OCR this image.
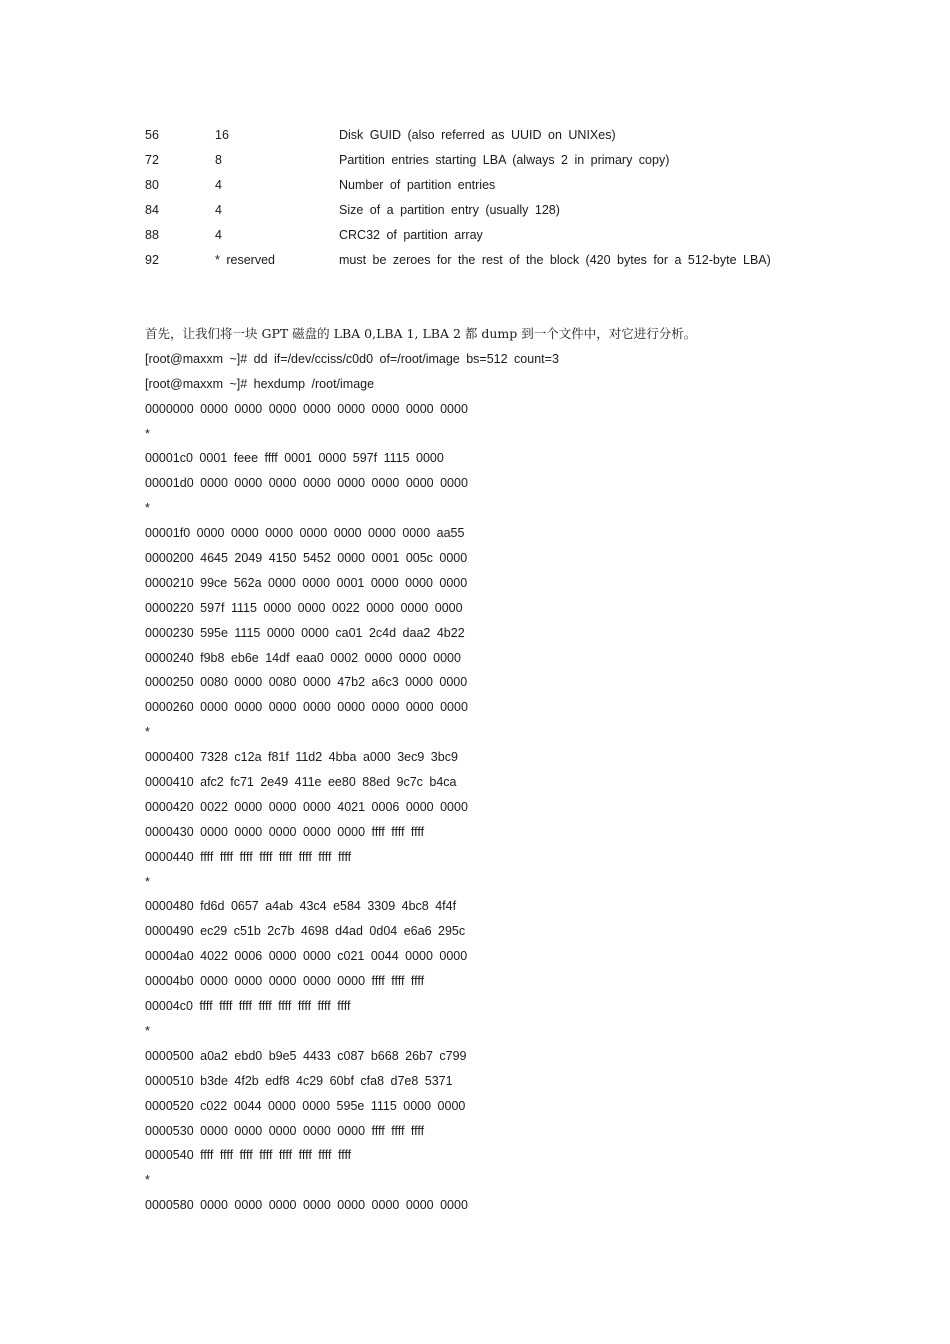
56	16	Disk GUID (also referred as UUID on UNIXes)
72	8	Partition entries starting LBA (always 2 in primary copy)
80	4	Number of partition entries
84	4	Size of a partition entry (usually 128)
88	4	CRC32 of partition array
92	* reserved	must be zeroes for the rest of the block (420 bytes for a 512-byte LBA)
首先，让我们将一块 GPT 磁盘的 LBA 0,LBA 1, LBA 2 都 dump 到一个文件中，对它进行分析。
[root@maxxm ~]# dd if=/dev/cciss/c0d0 of=/root/image bs=512 count=3
[root@maxxm ~]# hexdump /root/image
0000000 0000 0000 0000 0000 0000 0000 0000 0000
*
00001c0 0001 feee ffff 0001 0000 597f 1115 0000
00001d0 0000 0000 0000 0000 0000 0000 0000 0000
*
00001f0 0000 0000 0000 0000 0000 0000 0000 aa55
0000200 4645 2049 4150 5452 0000 0001 005c 0000
0000210 99ce 562a 0000 0000 0001 0000 0000 0000
0000220 597f 1115 0000 0000 0022 0000 0000 0000
0000230 595e 1115 0000 0000 ca01 2c4d daa2 4b22
0000240 f9b8 eb6e 14df eaa0 0002 0000 0000 0000
0000250 0080 0000 0080 0000 47b2 a6c3 0000 0000
0000260 0000 0000 0000 0000 0000 0000 0000 0000
*
0000400 7328 c12a f81f 11d2 4bba a000 3ec9 3bc9
0000410 afc2 fc71 2e49 411e ee80 88ed 9c7c b4ca
0000420 0022 0000 0000 0000 4021 0006 0000 0000
0000430 0000 0000 0000 0000 0000 ffff ffff ffff
0000440 ffff ffff ffff ffff ffff ffff ffff ffff
*
0000480 fd6d 0657 a4ab 43c4 e584 3309 4bc8 4f4f
0000490 ec29 c51b 2c7b 4698 d4ad 0d04 e6a6 295c
00004a0 4022 0006 0000 0000 c021 0044 0000 0000
00004b0 0000 0000 0000 0000 0000 ffff ffff ffff
00004c0 ffff ffff ffff ffff ffff ffff ffff ffff
*
0000500 a0a2 ebd0 b9e5 4433 c087 b668 26b7 c799
0000510 b3de 4f2b edf8 4c29 60bf cfa8 d7e8 5371
0000520 c022 0044 0000 0000 595e 1115 0000 0000
0000530 0000 0000 0000 0000 0000 ffff ffff ffff
0000540 ffff ffff ffff ffff ffff ffff ffff ffff
*
0000580 0000 0000 0000 0000 0000 0000 0000 0000
